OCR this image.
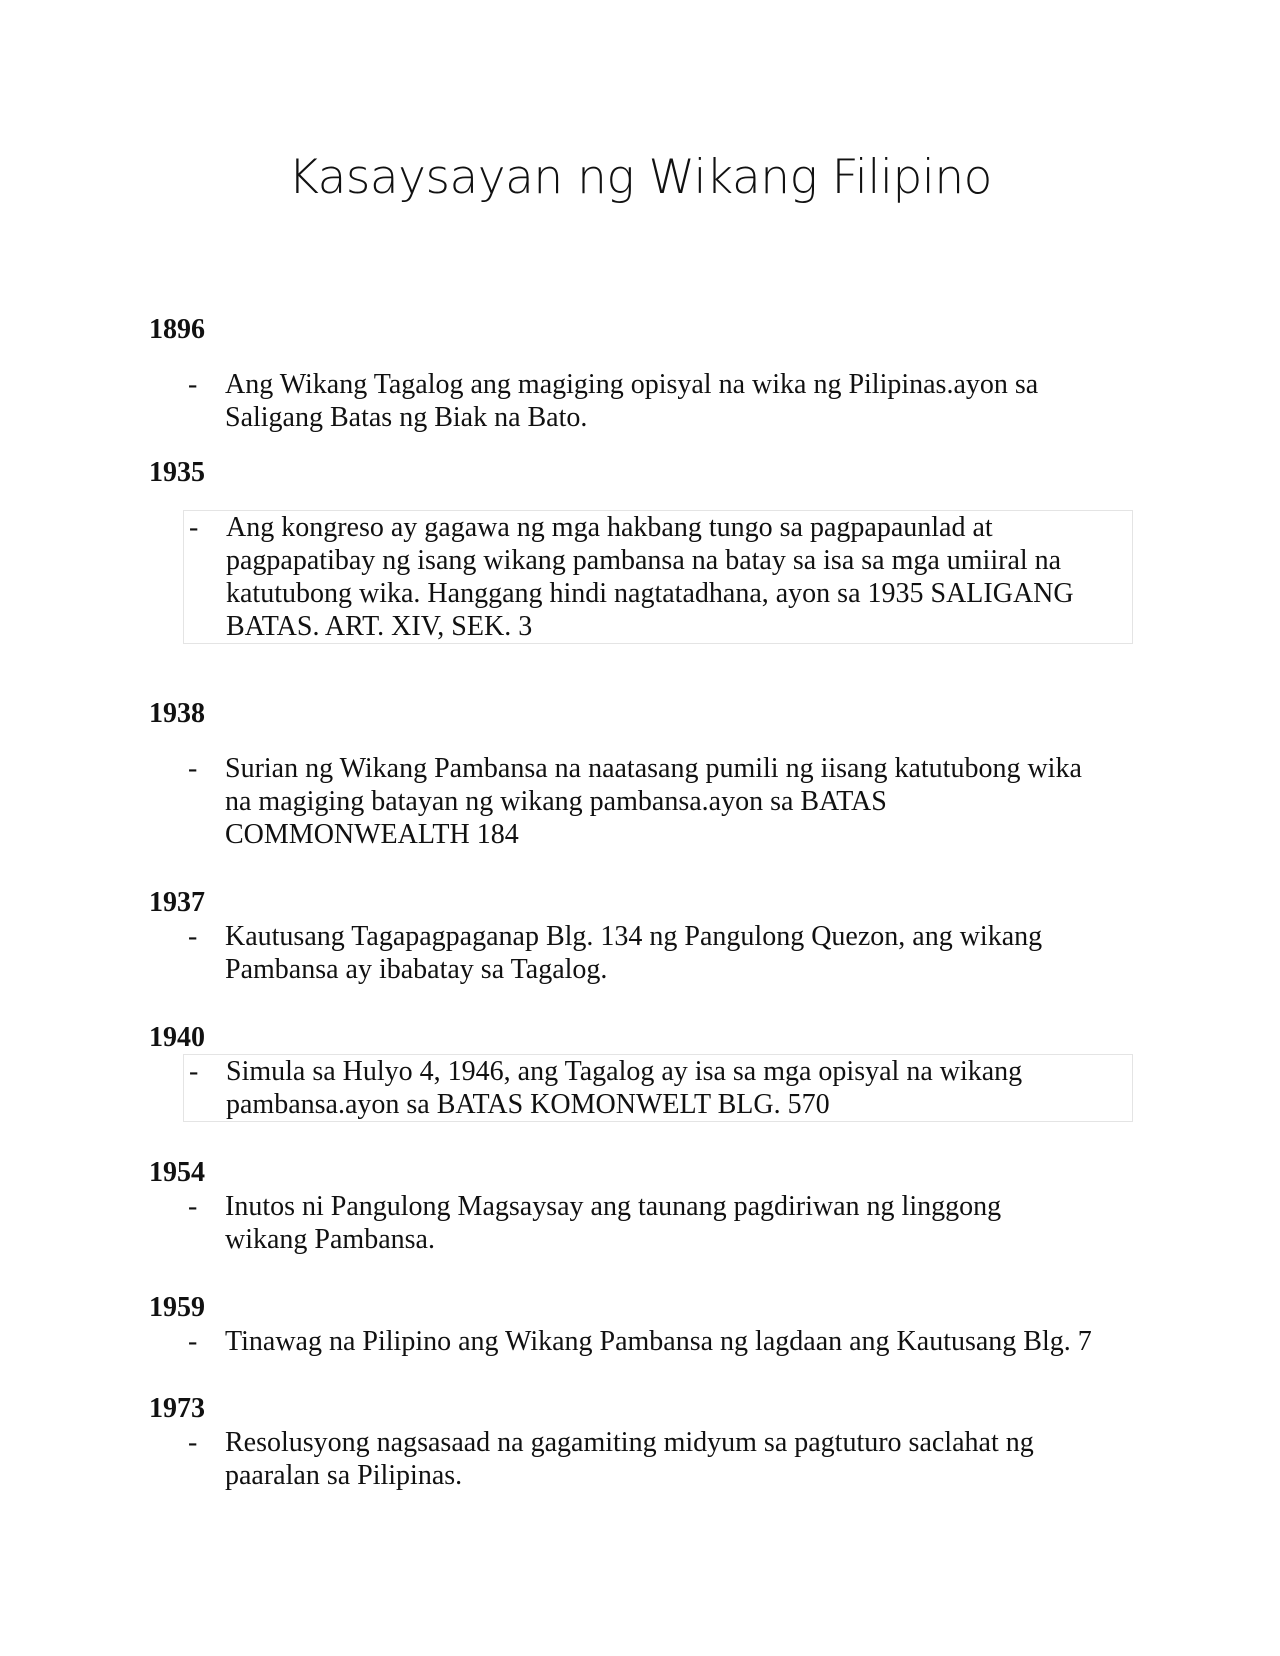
Kasaysayan ng Wikang Filipino
1896
- Ang Wikang Tagalog ang magiging opisyal na wika ng Pilipinas.ayon sa
Saligang Batas ng Biak na Bato.
1935
- Ang kongreso ay gagawa ng mga hakbang tungo sa pagpapaunlad at
pagpapatibay ng isang wikang pambansa na batay sa isa sa mga umiiral na
katutubong wika. Hanggang hindi nagtatadhana, ayon sa 1935 SALIGANG
BATAS. ART. XIV, SEK. 3
1938
- Surian ng Wikang Pambansa na naatasang pumili ng iisang katutubong wika
na magiging batayan ng wikang pambansa.ayon sa BATAS
COMMONWEALTH 184
1937
- Kautusang Tagapagpaganap Blg. 134 ng Pangulong Quezon, ang wikang
Pambansa ay ibabatay sa Tagalog.
1940
- Simula sa Hulyo 4, 1946, ang Tagalog ay isa sa mga opisyal na wikang
pambansa.ayon sa BATAS KOMONWELT BLG. 570
1954
- Inutos ni Pangulong Magsaysay ang taunang pagdiriwan ng linggong
wikang Pambansa.
1959
- Tinawag na Pilipino ang Wikang Pambansa ng lagdaan ang Kautusang Blg. 7
1973
- Resolusyong nagsasaad na gagamiting midyum sa pagtuturo saclahat ng
paaralan sa Pilipinas.
